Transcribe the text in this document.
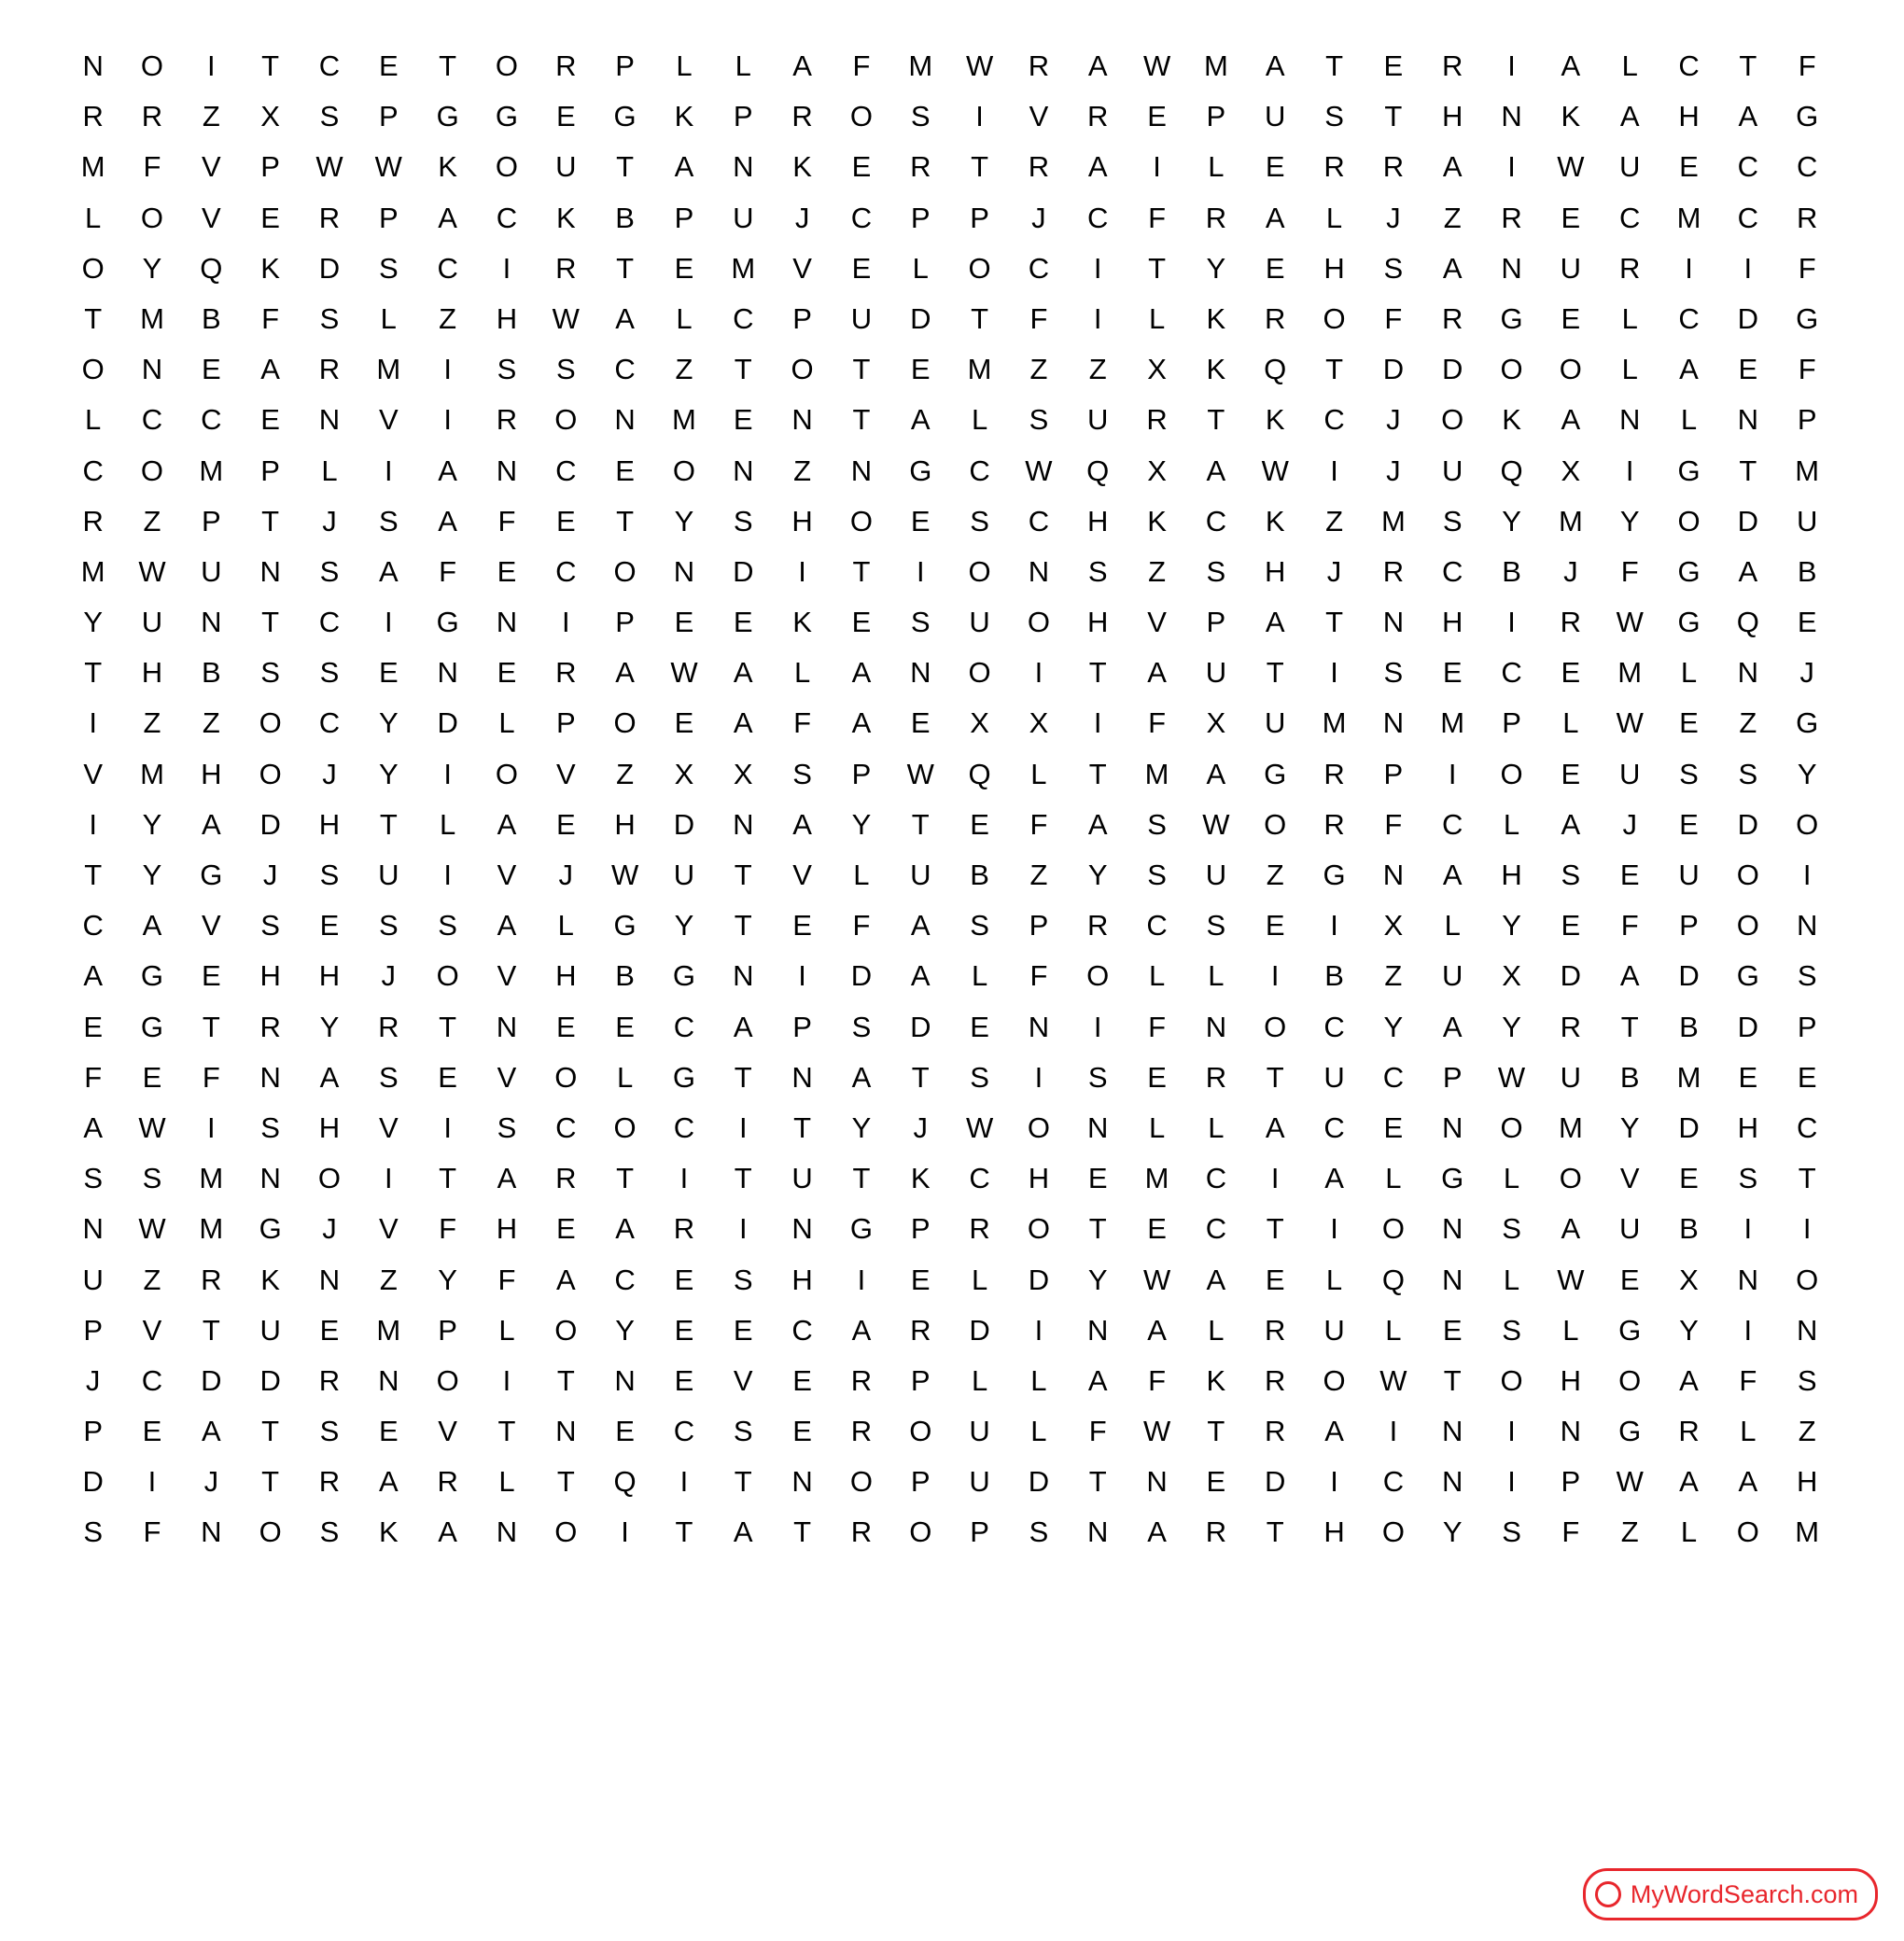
N	O	I	T	C	E	T	O	R	P	L	L	A	F	M	W	R	A	W	M	A	T	E	R	I	A	L	C	T	F
R	R	Z	X	S	P	G	G	E	G	K	P	R	O	S	I	V	R	E	P	U	S	T	H	N	K	A	H	A	G
M	F	V	P	W	W	K	O	U	T	A	N	K	E	R	T	R	A	I	L	E	R	R	A	I	W	U	E	C	C
L	O	V	E	R	P	A	C	K	B	P	U	J	C	P	P	J	C	F	R	A	L	J	Z	R	E	C	M	C	R
O	Y	Q	K	D	S	C	I	R	T	E	M	V	E	L	O	C	I	T	Y	E	H	S	A	N	U	R	I	I	F
T	M	B	F	S	L	Z	H	W	A	L	C	P	U	D	T	F	I	L	K	R	O	F	R	G	E	L	C	D	G
O	N	E	A	R	M	I	S	S	C	Z	T	O	T	E	M	Z	Z	X	K	Q	T	D	D	O	O	L	A	E	F
L	C	C	E	N	V	I	R	O	N	M	E	N	T	A	L	S	U	R	T	K	C	J	O	K	A	N	L	N	P
C	O	M	P	L	I	A	N	C	E	O	N	Z	N	G	C	W	Q	X	A	W	I	J	U	Q	X	I	G	T	M
R	Z	P	T	J	S	A	F	E	T	Y	S	H	O	E	S	C	H	K	C	K	Z	M	S	Y	M	Y	O	D	U
M	W	U	N	S	A	F	E	C	O	N	D	I	T	I	O	N	S	Z	S	H	J	R	C	B	J	F	G	A	B
Y	U	N	T	C	I	G	N	I	P	E	E	K	E	S	U	O	H	V	P	A	T	N	H	I	R	W	G	Q	E
T	H	B	S	S	E	N	E	R	A	W	A	L	A	N	O	I	T	A	U	T	I	S	E	C	E	M	L	N	J
I	Z	Z	O	C	Y	D	L	P	O	E	A	F	A	E	X	X	I	F	X	U	M	N	M	P	L	W	E	Z	G
V	M	H	O	J	Y	I	O	V	Z	X	X	S	P	W	Q	L	T	M	A	G	R	P	I	O	E	U	S	S	Y
I	Y	A	D	H	T	L	A	E	H	D	N	A	Y	T	E	F	A	S	W	O	R	F	C	L	A	J	E	D	O
T	Y	G	J	S	U	I	V	J	W	U	T	V	L	U	B	Z	Y	S	U	Z	G	N	A	H	S	E	U	O	I
C	A	V	S	E	S	S	A	L	G	Y	T	E	F	A	S	P	R	C	S	E	I	X	L	Y	E	F	P	O	N
A	G	E	H	H	J	O	V	H	B	G	N	I	D	A	L	F	O	L	L	I	B	Z	U	X	D	A	D	G	S
E	G	T	R	Y	R	T	N	E	E	C	A	P	S	D	E	N	I	F	N	O	C	Y	A	Y	R	T	B	D	P
F	E	F	N	A	S	E	V	O	L	G	T	N	A	T	S	I	S	E	R	T	U	C	P	W	U	B	M	E	E
A	W	I	S	H	V	I	S	C	O	C	I	T	Y	J	W	O	N	L	L	A	C	E	N	O	M	Y	D	H	C
S	S	M	N	O	I	T	A	R	T	I	T	U	T	K	C	H	E	M	C	I	A	L	G	L	O	V	E	S	T
N	W	M	G	J	V	F	H	E	A	R	I	N	G	P	R	O	T	E	C	T	I	O	N	S	A	U	B	I	I
U	Z	R	K	N	Z	Y	F	A	C	E	S	H	I	E	L	D	Y	W	A	E	L	Q	N	L	W	E	X	N	O
P	V	T	U	E	M	P	L	O	Y	E	E	C	A	R	D	I	N	A	L	R	U	L	E	S	L	G	Y	I	N
J	C	D	D	R	N	O	I	T	N	E	V	E	R	P	L	L	A	F	K	R	O	W	T	O	H	O	A	F	S
P	E	A	T	S	E	V	T	N	E	C	S	E	R	O	U	L	F	W	T	R	A	I	N	I	N	G	R	L	Z
D	I	J	T	R	A	R	L	T	Q	I	T	N	O	P	U	D	T	N	E	D	I	C	N	I	P	W	A	A	H
S	F	N	O	S	K	A	N	O	I	T	A	T	R	O	P	S	N	A	R	T	H	O	Y	S	F	Z	L	O	M
MyWordSearch.com
